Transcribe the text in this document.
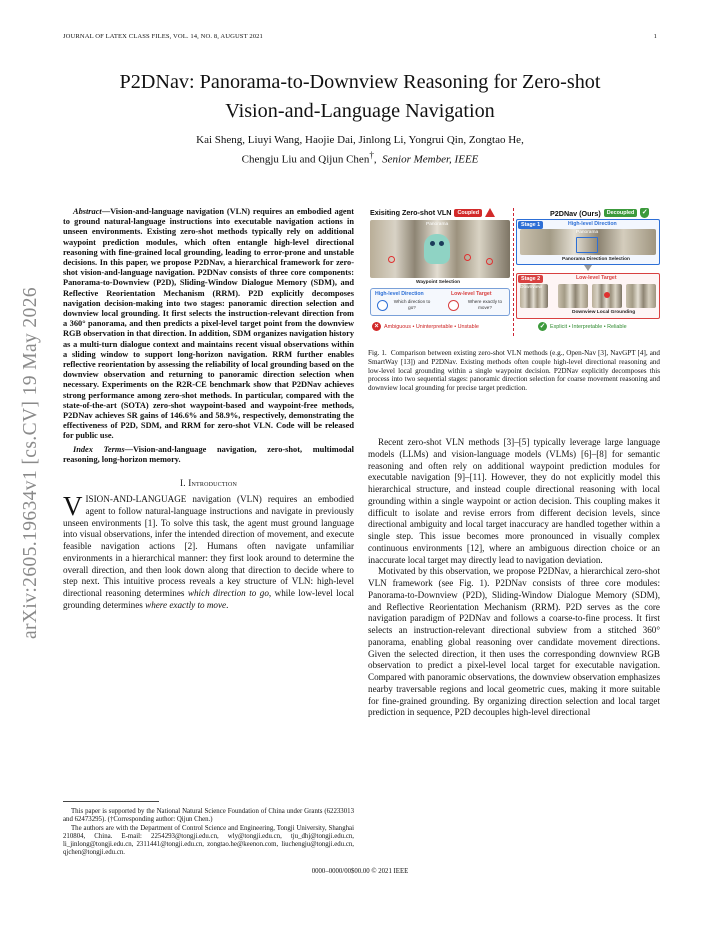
JOURNAL OF LATEX CLASS FILES, VOL. 14, NO. 8, AUGUST 2021	1
arXiv:2605.19634v1 [cs.CV] 19 May 2026
P2DNav: Panorama-to-Downview Reasoning for Zero-shot
Vision-and-Language Navigation
Kai Sheng, Liuyi Wang, Haojie Dai, Jinlong Li, Yongrui Qin, Zongtao He,
Chengju Liu and Qijun Chen†,  Senior Member, IEEE
Abstract—Vision-and-language navigation (VLN) requires an embodied agent to ground natural-language instructions into executable navigation actions in unseen environments. Existing zero-shot methods typically rely on additional waypoint prediction modules, which often entangle high-level directional reasoning with fine-grained local grounding, leading to error-prone and unstable decisions. In this paper, we propose P2DNav, a hierarchical framework for zero-shot vision-and-language navigation. P2DNav consists of three core components: Panorama-to-Downview (P2D), Sliding-Window Dialogue Memory (SDM), and Reflective Reorientation Mechanism (RRM). P2D explicitly decomposes navigation decision-making into two stages: panoramic direction selection and downview local grounding. It first selects the instruction-relevant direction from a 360° panorama, and then predicts a pixel-level target point from the downview RGB observation in that direction. In addition, SDM organizes navigation history as a multi-turn dialogue context and maintains recent visual observations within a sliding window to support long-horizon navigation. RRM further enables reflective reorientation by assessing the reliability of local grounding based on the downview observation and returning to panoramic direction selection when necessary. Experiments on the R2R-CE benchmark show that P2DNav achieves strong performance among zero-shot methods. In particular, compared with the state-of-the-art (SOTA) zero-shot waypoint-based and waypoint-free methods, P2DNav achieves SR gains of 146.6% and 58.9%, respectively, demonstrating the effectiveness of P2D, SDM, and RRM for zero-shot VLN. Code will be released for public use.
Index Terms—Vision-and-language navigation, zero-shot, multimodal reasoning, long-horizon memory.
I. Introduction

VISION-AND-LANGUAGE navigation (VLN) requires an embodied agent to follow natural-language instructions and navigate in previously unseen environments [1]. To solve this task, the agent must ground language into visual observations, infer the intended direction of movement, and execute feasible navigation actions [2]. Humans often navigate unfamiliar environments in a hierarchical manner: they first look around to determine the overall direction, and then look down along that direction to decide where to step next. This intuitive process reveals a key structure of VLN: high-level directional reasoning determines which direction to go, while low-level local grounding determines where exactly to move.

This paper is supported by the National Natural Science Foundation of China under Grants (62233013 and 62473295). (†Corresponding author: Qijun Chen.)

The authors are with the Department of Control Science and Engineering, Tongji University, Shanghai 210804, China. E-mail: 2254293@tongji.edu.cn, wly@tongji.edu.cn, tju_dhj@tongji.edu.cn, li_jinlong@tongji.edu.cn, 2311441@tongji.edu.cn, zongtao.he@keenon.com, liuchengju@tongji.edu.cn, qjchen@tongji.edu.cn.

0000–0000/00$00.00 © 2021 IEEE
Exisiting Zero-shot VLN	Coupled
Panorama
Waypoint Selection
High-level Direction	Low-level Target
Which direction to go?
Where exactly to move?
×	Ambiguous • Uninterpretable • Unstable
P2DNav (Ours)	Decoupled	✓
Stage 1	High-level Direction
Panorama
Panorama Direction Selection
Stage 2	Low-level Target
Downview
Downview Local Grounding
✓ Explicit • Interpretable • Reliable
Fig. 1. Comparison between existing zero-shot VLN methods (e.g., Open-Nav [3], NavGPT [4], and SmartWay [13]) and P2DNav. Existing methods often couple high-level directional reasoning and low-level local grounding within a single waypoint decision. P2DNav explicitly decomposes this process into two sequential stages: panoramic direction selection for coarse movement reasoning and downview local grounding for precise target prediction.

Recent zero-shot VLN methods [3]–[5] typically leverage large language models (LLMs) and vision-language models (VLMs) [6]–[8] for semantic reasoning and often rely on additional waypoint prediction modules for executable navigation [9]–[11]. However, they do not explicitly model this hierarchical structure, and instead couple directional reasoning with local grounding within a single waypoint or action decision. This coupling makes it difficult to isolate and revise errors from different decision levels, since directional ambiguity and local target inaccuracy are handled together within a single step. This issue becomes more pronounced in visually complex continuous environments [12], where an ambiguous direction choice or an inaccurate local target may directly lead to navigation deviation.

Motivated by this observation, we propose P2DNav, a hierarchical zero-shot VLN framework (see Fig. 1). P2DNav consists of three core modules: Panorama-to-Downview (P2D), Sliding-Window Dialogue Memory (SDM), and Reflective Reorientation Mechanism (RRM). P2D serves as the core navigation paradigm of P2DNav and follows a coarse-to-fine process. It first selects an instruction-relevant directional subview from a stitched 360° panorama, enabling global reasoning over candidate movement directions. Given the selected direction, it then uses the corresponding downview RGB observation to predict a pixel-level local target for executable navigation. Compared with panoramic observations, the downview observation emphasizes nearby traversable regions and local geometric cues, making it more suitable for fine-grained grounding. By organizing direction selection and local target prediction in sequence, P2D decouples high-level directional
